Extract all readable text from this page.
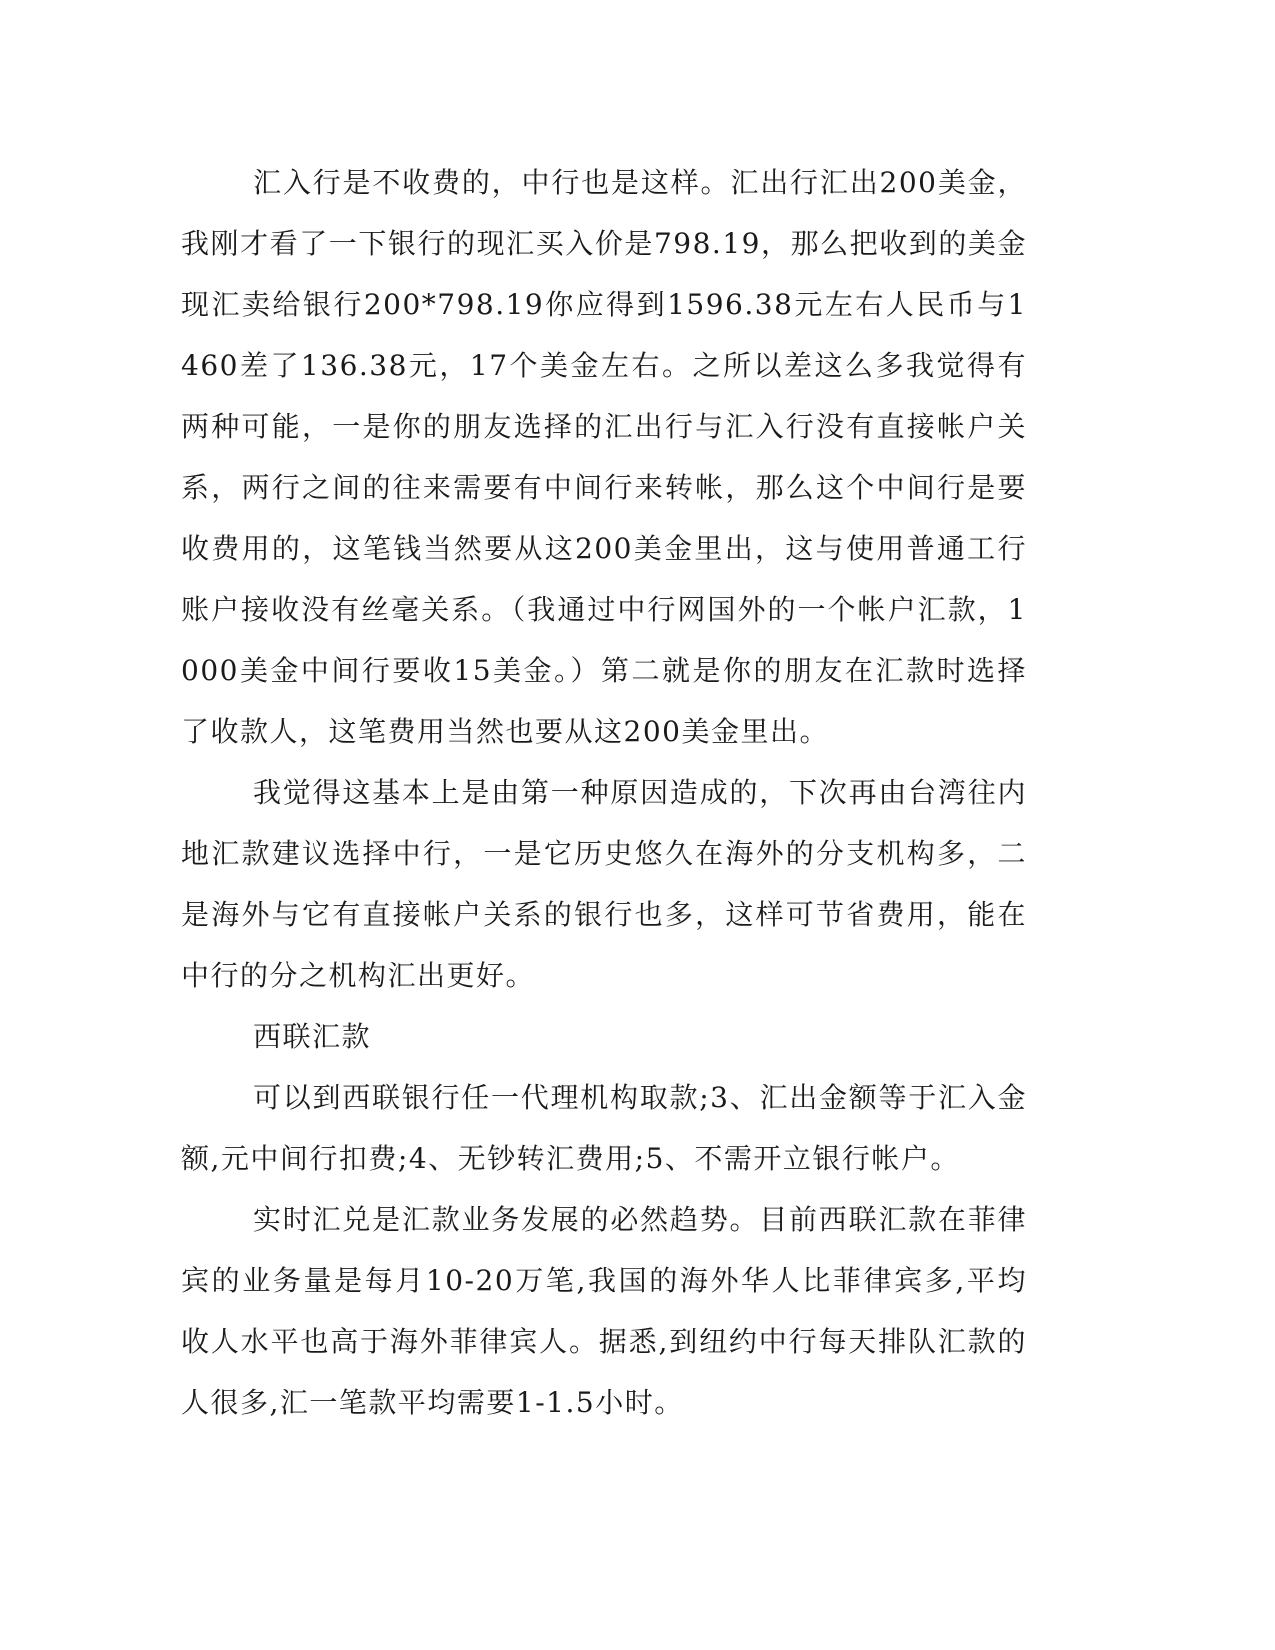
汇入行是不收费的，中行也是这样。汇出行汇出200美金，我刚才看了一下银行的现汇买入价是798.19，那么把收到的美金现汇卖给银行200*798.19你应得到1596.38元左右人民币与1460差了136.38元，17个美金左右。之所以差这么多我觉得有两种可能，一是你的朋友选择的汇出行与汇入行没有直接帐户关系，两行之间的往来需要有中间行来转帐，那么这个中间行是要收费用的，这笔钱当然要从这200美金里出，这与使用普通工行账户接收没有丝毫关系。（我通过中行网国外的一个帐户汇款，1000美金中间行要收15美金。）第二就是你的朋友在汇款时选择了收款人，这笔费用当然也要从这200美金里出。

我觉得这基本上是由第一种原因造成的，下次再由台湾往内地汇款建议选择中行，一是它历史悠久在海外的分支机构多，二是海外与它有直接帐户关系的银行也多，这样可节省费用，能在中行的分之机构汇出更好。

西联汇款

可以到西联银行任一代理机构取款;3、汇出金额等于汇入金额,元中间行扣费;4、无钞转汇费用;5、不需开立银行帐户。

实时汇兑是汇款业务发展的必然趋势。目前西联汇款在菲律宾的业务量是每月10-20万笔,我国的海外华人比菲律宾多,平均收人水平也高于海外菲律宾人。据悉,到纽约中行每天排队汇款的人很多,汇一笔款平均需要1-1.5小时。
